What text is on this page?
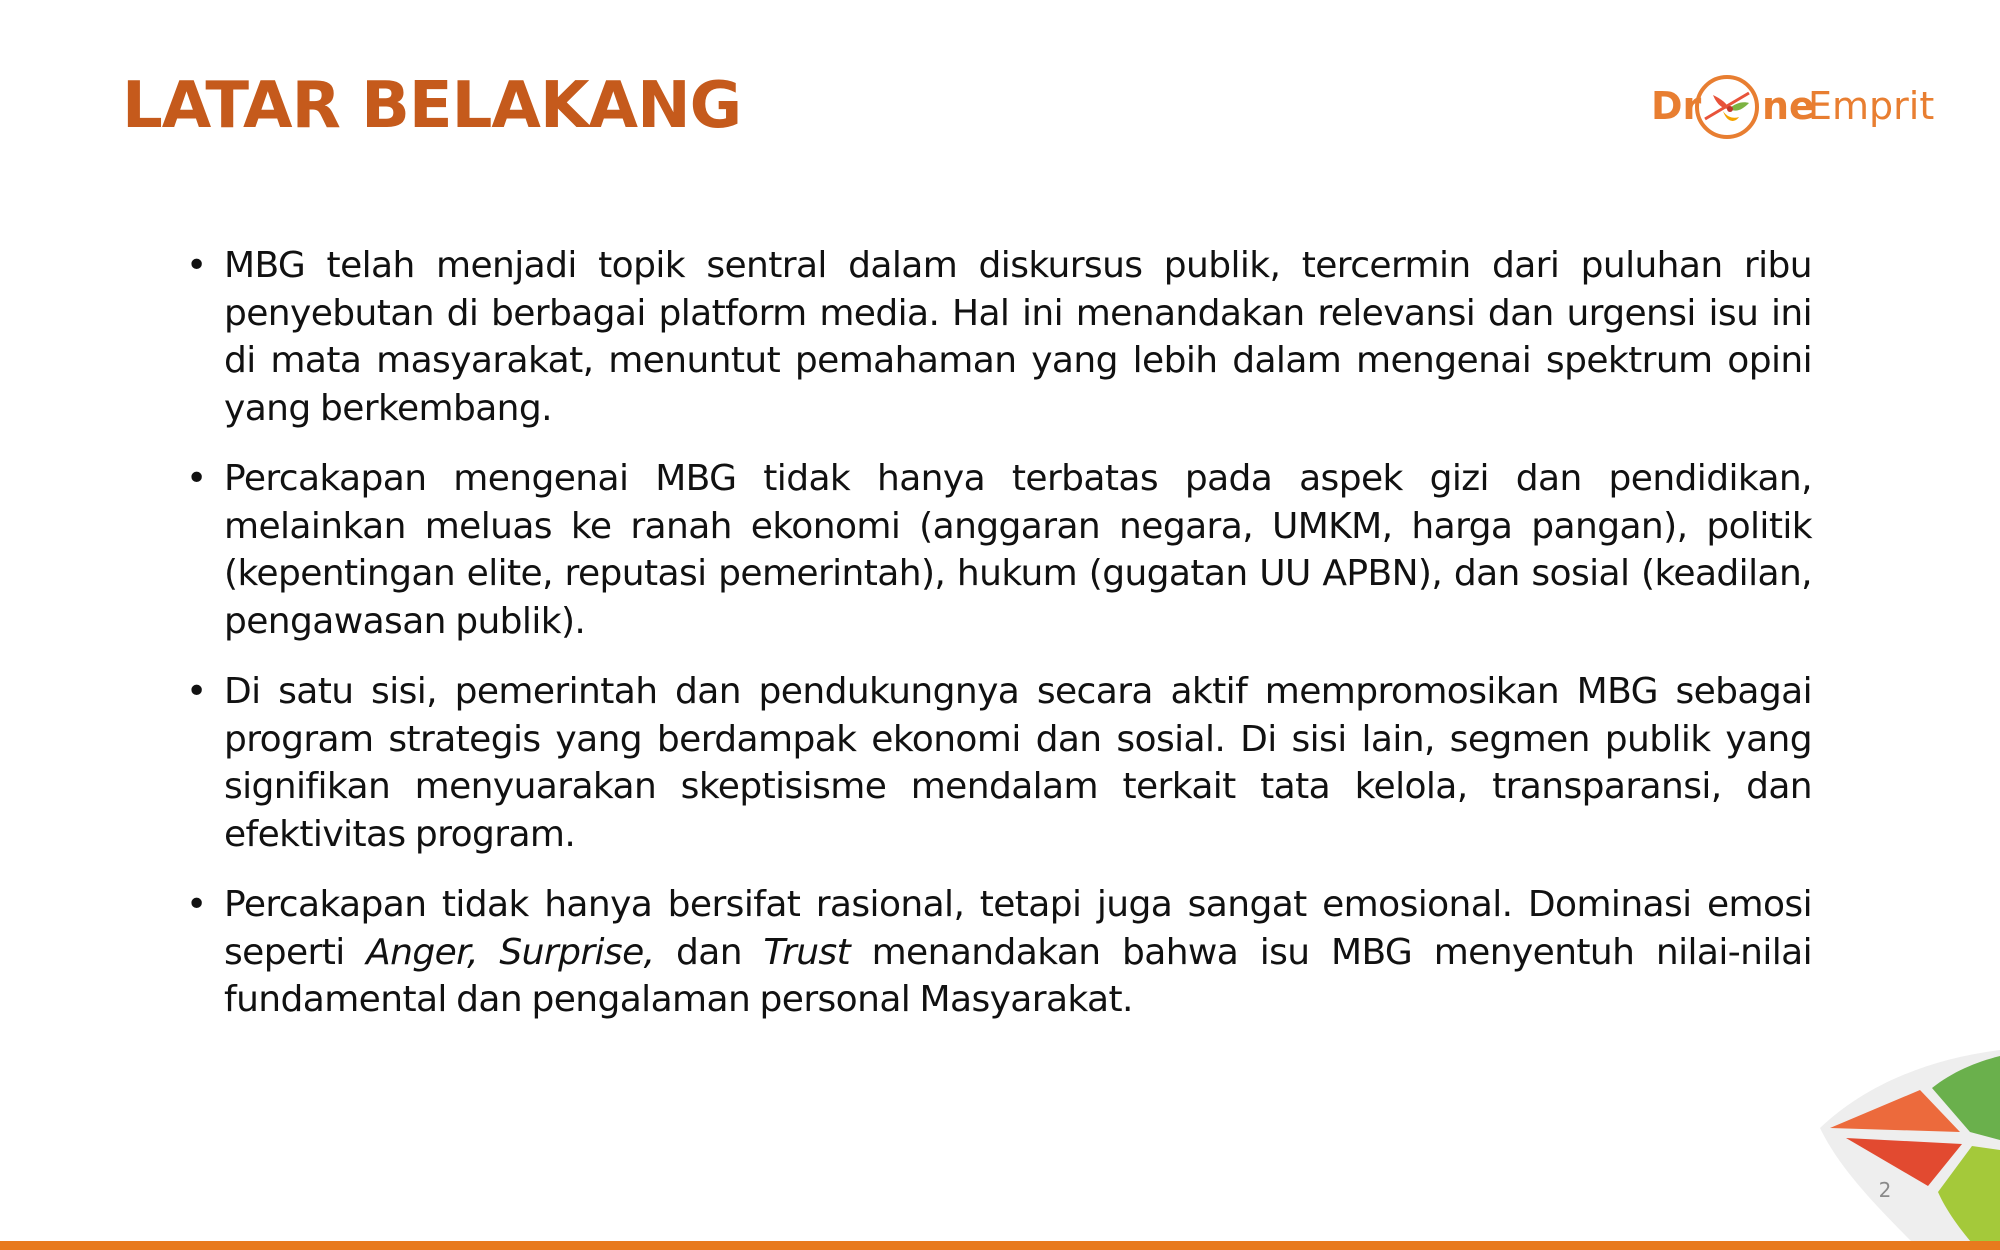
LATAR BELAKANG	Dr ne
Emprit
• MBG telah menjadi topik sentral dalam diskursus publik, tercermin dari puluhan ribu penyebutan di berbagai platform media. Hal ini menandakan relevansi dan urgensi isu ini di mata masyarakat, menuntut pemahaman yang lebih dalam mengenai spektrum opini yang berkembang.
• Percakapan mengenai MBG tidak hanya terbatas pada aspek gizi dan pendidikan, melainkan meluas ke ranah ekonomi (anggaran negara, UMKM, harga pangan), politik (kepentingan elite, reputasi pemerintah), hukum (gugatan UU APBN), dan sosial (keadilan, pengawasan publik).
• Di satu sisi, pemerintah dan pendukungnya secara aktif mempromosikan MBG sebagai program strategis yang berdampak ekonomi dan sosial. Di sisi lain, segmen publik yang signifikan menyuarakan skeptisisme mendalam terkait tata kelola, transparansi, dan efektivitas program.
• Percakapan tidak hanya bersifat rasional, tetapi juga sangat emosional. Dominasi emosi seperti Anger, Surprise, dan Trust menandakan bahwa isu MBG menyentuh nilai-nilai fundamental dan pengalaman personal Masyarakat.
2
